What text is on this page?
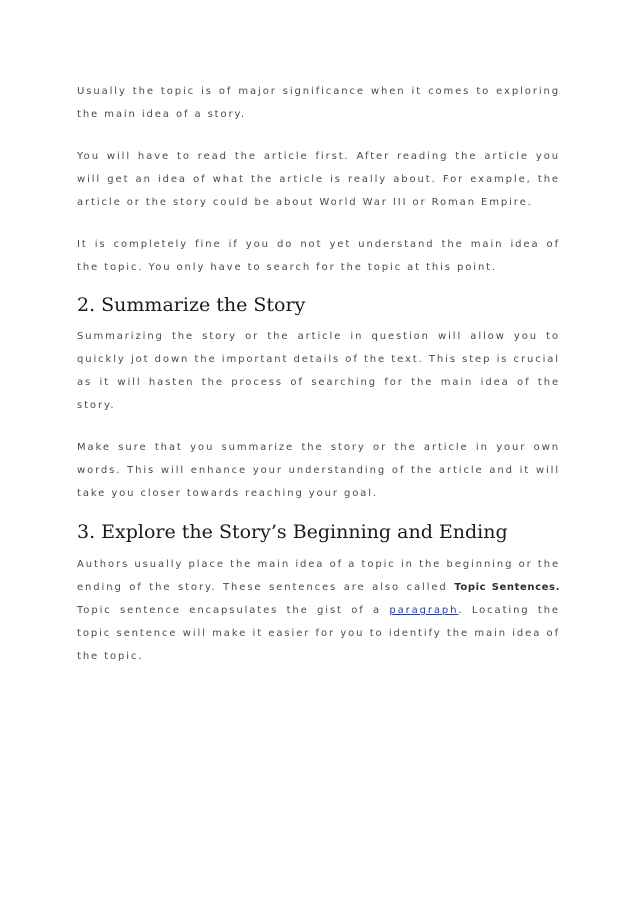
Usually the topic is of major significance when it comes to exploring the main idea of a story.

You will have to read the article first. After reading the article you will get an idea of what the article is really about. For example, the article or the story could be about World War III or Roman Empire.

It is completely fine if you do not yet understand the main idea of the topic. You only have to search for the topic at this point.

2. Summarize the Story

Summarizing the story or the article in question will allow you to quickly jot down the important details of the text. This step is crucial as it will hasten the process of searching for the main idea of the story.

Make sure that you summarize the story or the article in your own words. This will enhance your understanding of the article and it will take you closer towards reaching your goal.

3. Explore the Story’s Beginning and Ending

Authors usually place the main idea of a topic in the beginning or the ending of the story. These sentences are also called Topic Sentences. Topic sentence encapsulates the gist of a paragraph. Locating the topic sentence will make it easier for you to identify the main idea of the topic.
